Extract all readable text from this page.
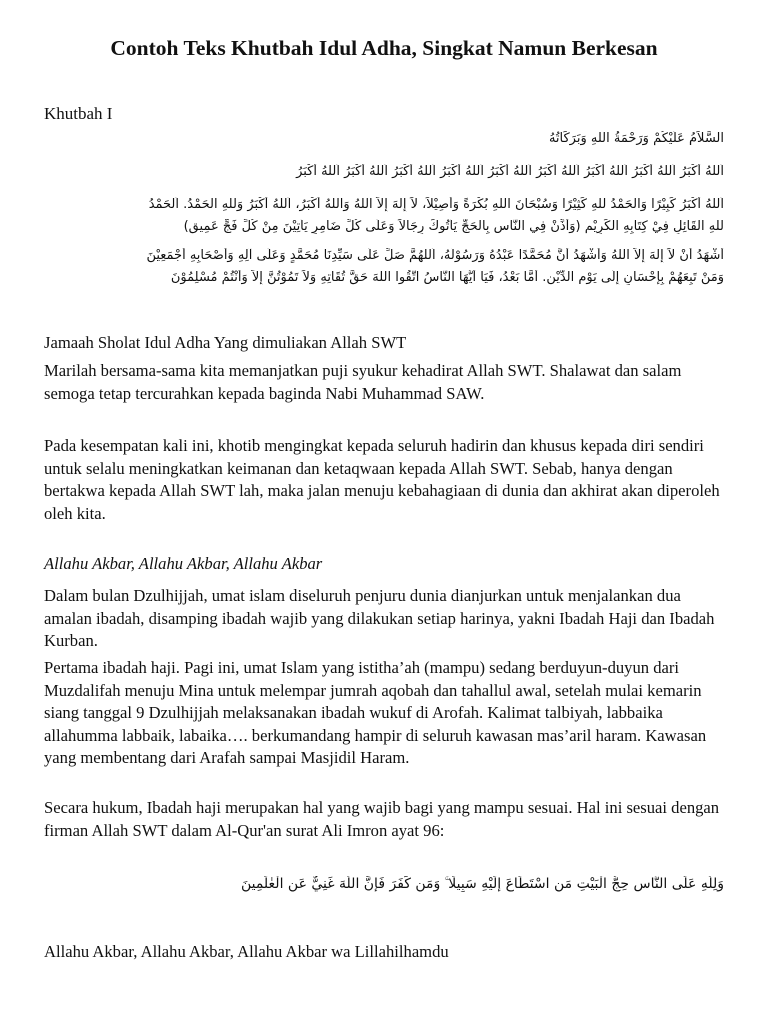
Contoh Teks Khutbah Idul Adha, Singkat Namun Berkesan
Khutbah I
السَّلاَمُ عَلَيْكُمْ وَرَحْمَةُ اللهِ وَبَرَكَاتُهُ
اَللهُ أَكْبَرُ اَللهُ أَكْبَرُ اَللهُ أَكْبَرُ اَللهُ أَكْبَرُ اَللهُ أَكْبَرُ اَللهُ أَكْبَرُ اَللهُ أَكْبَرُ اَللهُ أَكْبَرُ اَللهُ أَكْبَرُ
اَللهُ أَكْبَرُ كَبِيْرًا وَالْحَمْدُ للهِ كَثِيْرًا وَسُبْحَانَ اللهِ بُكْرَةً وَأَصِيْلاً، لاَ إِلٰهَ إِلاَّ اللهُ وَاللهُ أَكْبَرُ، اَللهُ أَكْبَرُ وَللهِ الْحَمْدُ. اَلْحَمْدُ
للهِ الْقَائِلِ فِيْ كِتَابِهِ الْكَرِيْمِ (وَأَذِّنْ فِي النَّاسِ بِالْحَجِّ يَأْتُوكَ رِجَالاً وَعَلَى كُلِّ ضَامِرٍ يَأْتِيْنَ مِنْ كُلِّ فَجٍّ عَمِيقٍ)
أَشْهَدُ أَنْ لاَ إِلٰهَ إِلاَّ اللهُ وَأَشْهَدُ أَنَّ مُحَمَّدًا عَبْدُهُ وَرَسُوْلُهُ، اَللّٰهُمَّ صَلِّ عَلَى سَيِّدِنَا مُحَمَّدٍ وَعَلَى آلِهِ وَأَصْحَابِهِ أَجْمَعِيْنَ
وَمَنْ تَبِعَهُمْ بِإِحْسَانٍ إِلَى يَوْمِ الدِّيْنِ. أَمَّا بَعْدُ، فَيَا أَيُّهَا النَّاسُ اتَّقُوا اللهَ حَقَّ تُقَاتِهِ وَلاَ تَمُوْتُنَّ إِلاَّ وَأَنْتُمْ مُسْلِمُوْنَ

Jamaah Sholat Idul Adha Yang dimuliakan Allah SWT

Marilah bersama-sama kita memanjatkan puji syukur kehadirat Allah SWT. Shalawat dan salam semoga tetap tercurahkan kepada baginda Nabi Muhammad SAW.

Pada kesempatan kali ini, khotib mengingkat kepada seluruh hadirin dan khusus kepada diri sendiri untuk selalu meningkatkan keimanan dan ketaqwaan kepada Allah SWT. Sebab, hanya dengan bertakwa kepada Allah SWT lah, maka jalan menuju kebahagiaan di dunia dan akhirat akan diperoleh oleh kita.

Allahu Akbar, Allahu Akbar, Allahu Akbar

Dalam bulan Dzulhijjah, umat islam diseluruh penjuru dunia dianjurkan untuk menjalankan dua amalan ibadah, disamping ibadah wajib yang dilakukan setiap harinya, yakni Ibadah Haji dan Ibadah Kurban.

Pertama ibadah haji. Pagi ini, umat Islam yang istitha’ah (mampu) sedang berduyun-duyun dari Muzdalifah menuju Mina untuk melempar jumrah aqobah dan tahallul awal, setelah mulai kemarin siang tanggal 9 Dzulhijjah melaksanakan ibadah wukuf di Arofah. Kalimat talbiyah, labbaika allahumma labbaik, labaika…. berkumandang hampir di seluruh kawasan mas’aril haram. Kawasan yang membentang dari Arafah sampai Masjidil Haram.

Secara hukum, Ibadah haji merupakan hal yang wajib bagi yang mampu sesuai. Hal ini sesuai dengan firman Allah SWT dalam Al-Qur'an surat Ali Imron ayat 96:

وَلِلّٰهِ عَلَى النَّاسِ حِجُّ الْبَيْتِ مَنِ اسْتَطَاعَ إِلَيْهِ سَبِيلًا ۚ وَمَن كَفَرَ فَإِنَّ اللّٰهَ غَنِيٌّ عَنِ الْعٰلَمِينَ

Allahu Akbar, Allahu Akbar, Allahu Akbar wa Lillahilhamdu
